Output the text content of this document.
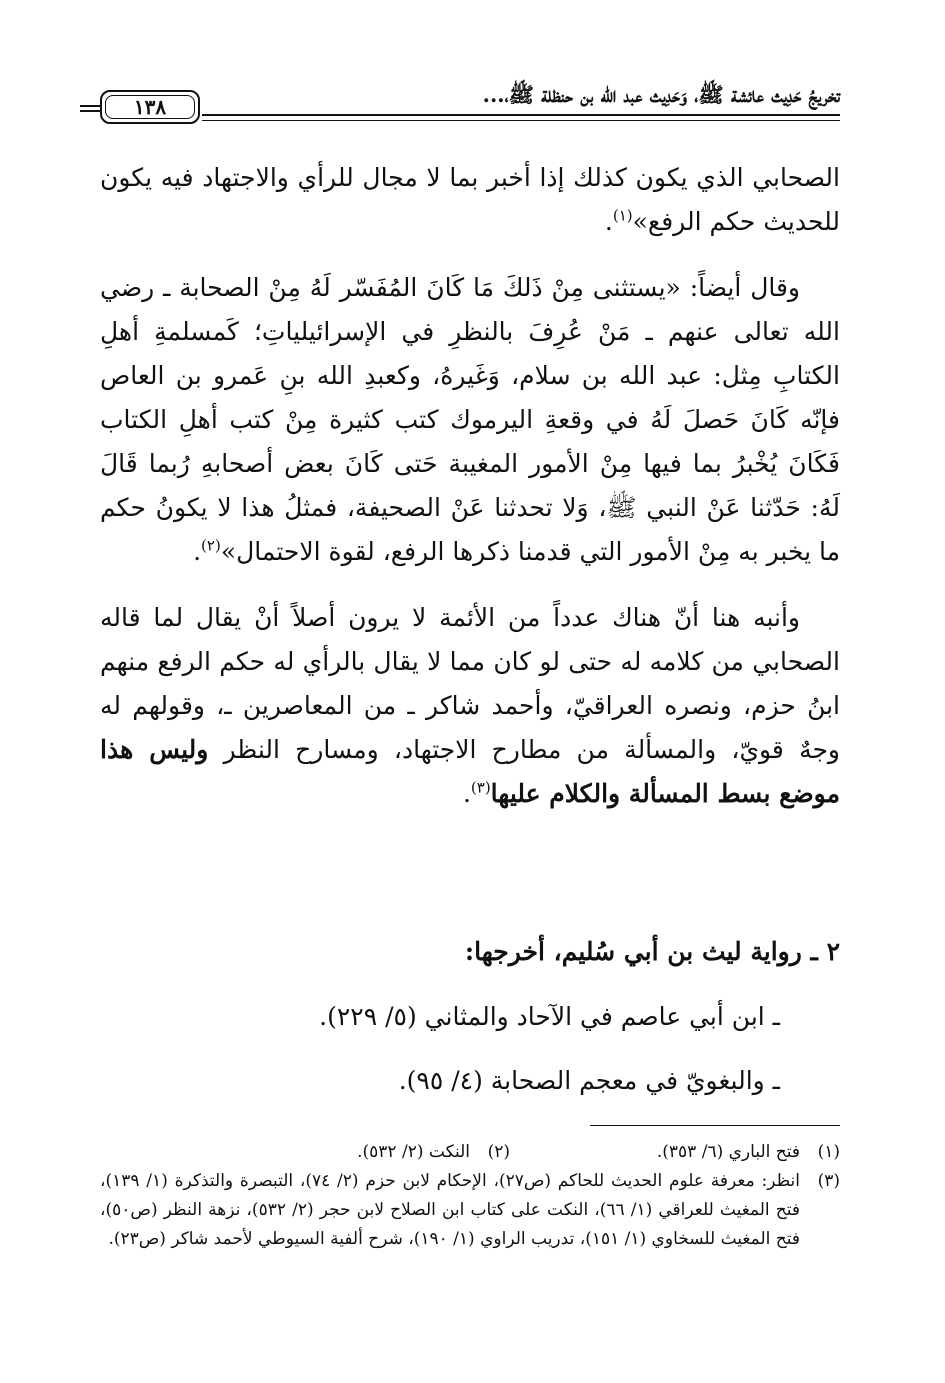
١٣٨	تخريجُ حَدِيث عائشة ﷺ، وَحَدِيث عبد الله بن حنظلة ﷺ،...

الصحابي الذي يكون كذلك إذا أخبر بما لا مجال للرأي والاجتهاد فيه يكون للحديث حكم الرفع»$^{(١)}$.

وقال أيضاً: «يستثنى مِنْ ذَلكَ مَا كَانَ المُفَسّر لَهُ مِنْ الصحابة ـ رضي الله تعالى عنهم ـ مَنْ عُرِفَ بالنظرِ في الإسرائيلياتِ؛ كَمسلمةِ أهلِ الكتابِ مِثل: عبد الله بن سلام، وَغَيرهُ، وكعبدِ الله بنِ عَمرو بن العاص فإنّه كَانَ حَصلَ لَهُ في وقعةِ اليرموك كتب كثيرة مِنْ كتب أهلِ الكتاب فَكَانَ يُخْبرُ بما فيها مِنْ الأمور المغيبة حَتى كَانَ بعض أصحابهِ رُبما قَالَ لَهُ: حَدّثنا عَنْ النبي ﷺ، وَلا تحدثنا عَنْ الصحيفة، فمثلُ هذا لا يكونُ حكم ما يخبر به مِنْ الأمور التي قدمنا ذكرها الرفع، لقوة الاحتمال»$^{(٢)}$.

وأنبه هنا أنّ هناك عدداً من الأئمة لا يرون أصلاً أنْ يقال لما قاله الصحابي من كلامه له حتى لو كان مما لا يقال بالرأي له حكم الرفع منهم ابنُ حزم، ونصره العراقيّ، وأحمد شاكر ـ من المعاصرين ـ، وقولهم له وجهٌ قويّ، والمسألة من مطارح الاجتهاد، ومسارح النظر وليس هذا موضع بسط المسألة والكلام عليها$^{(٣)}$.

٢ ـ رواية ليث بن أبي سُليم، أخرجها:
ـ ابن أبي عاصم في الآحاد والمثاني (٥/ ٢٢٩).
ـ والبغويّ في معجم الصحابة (٤/ ٩٥).
(١)
فتح الباري (٦/ ٣٥٣).
(٢)
النكت (٢/ ٥٣٢).
(٣)
انظر: معرفة علوم الحديث للحاكم (ص٢٧)، الإحكام لابن حزم (٢/ ٧٤)، التبصرة والتذكرة (١/ ١٣٩)، فتح المغيث للعراقي (١/ ٦٦)، النكت على كتاب ابن الصلاح لابن حجر (٢/ ٥٣٢)، نزهة النظر (ص٥٠)، فتح المغيث للسخاوي (١/ ١٥١)، تدريب الراوي (١/ ١٩٠)، شرح ألفية السيوطي لأحمد شاكر (ص٢٣).
